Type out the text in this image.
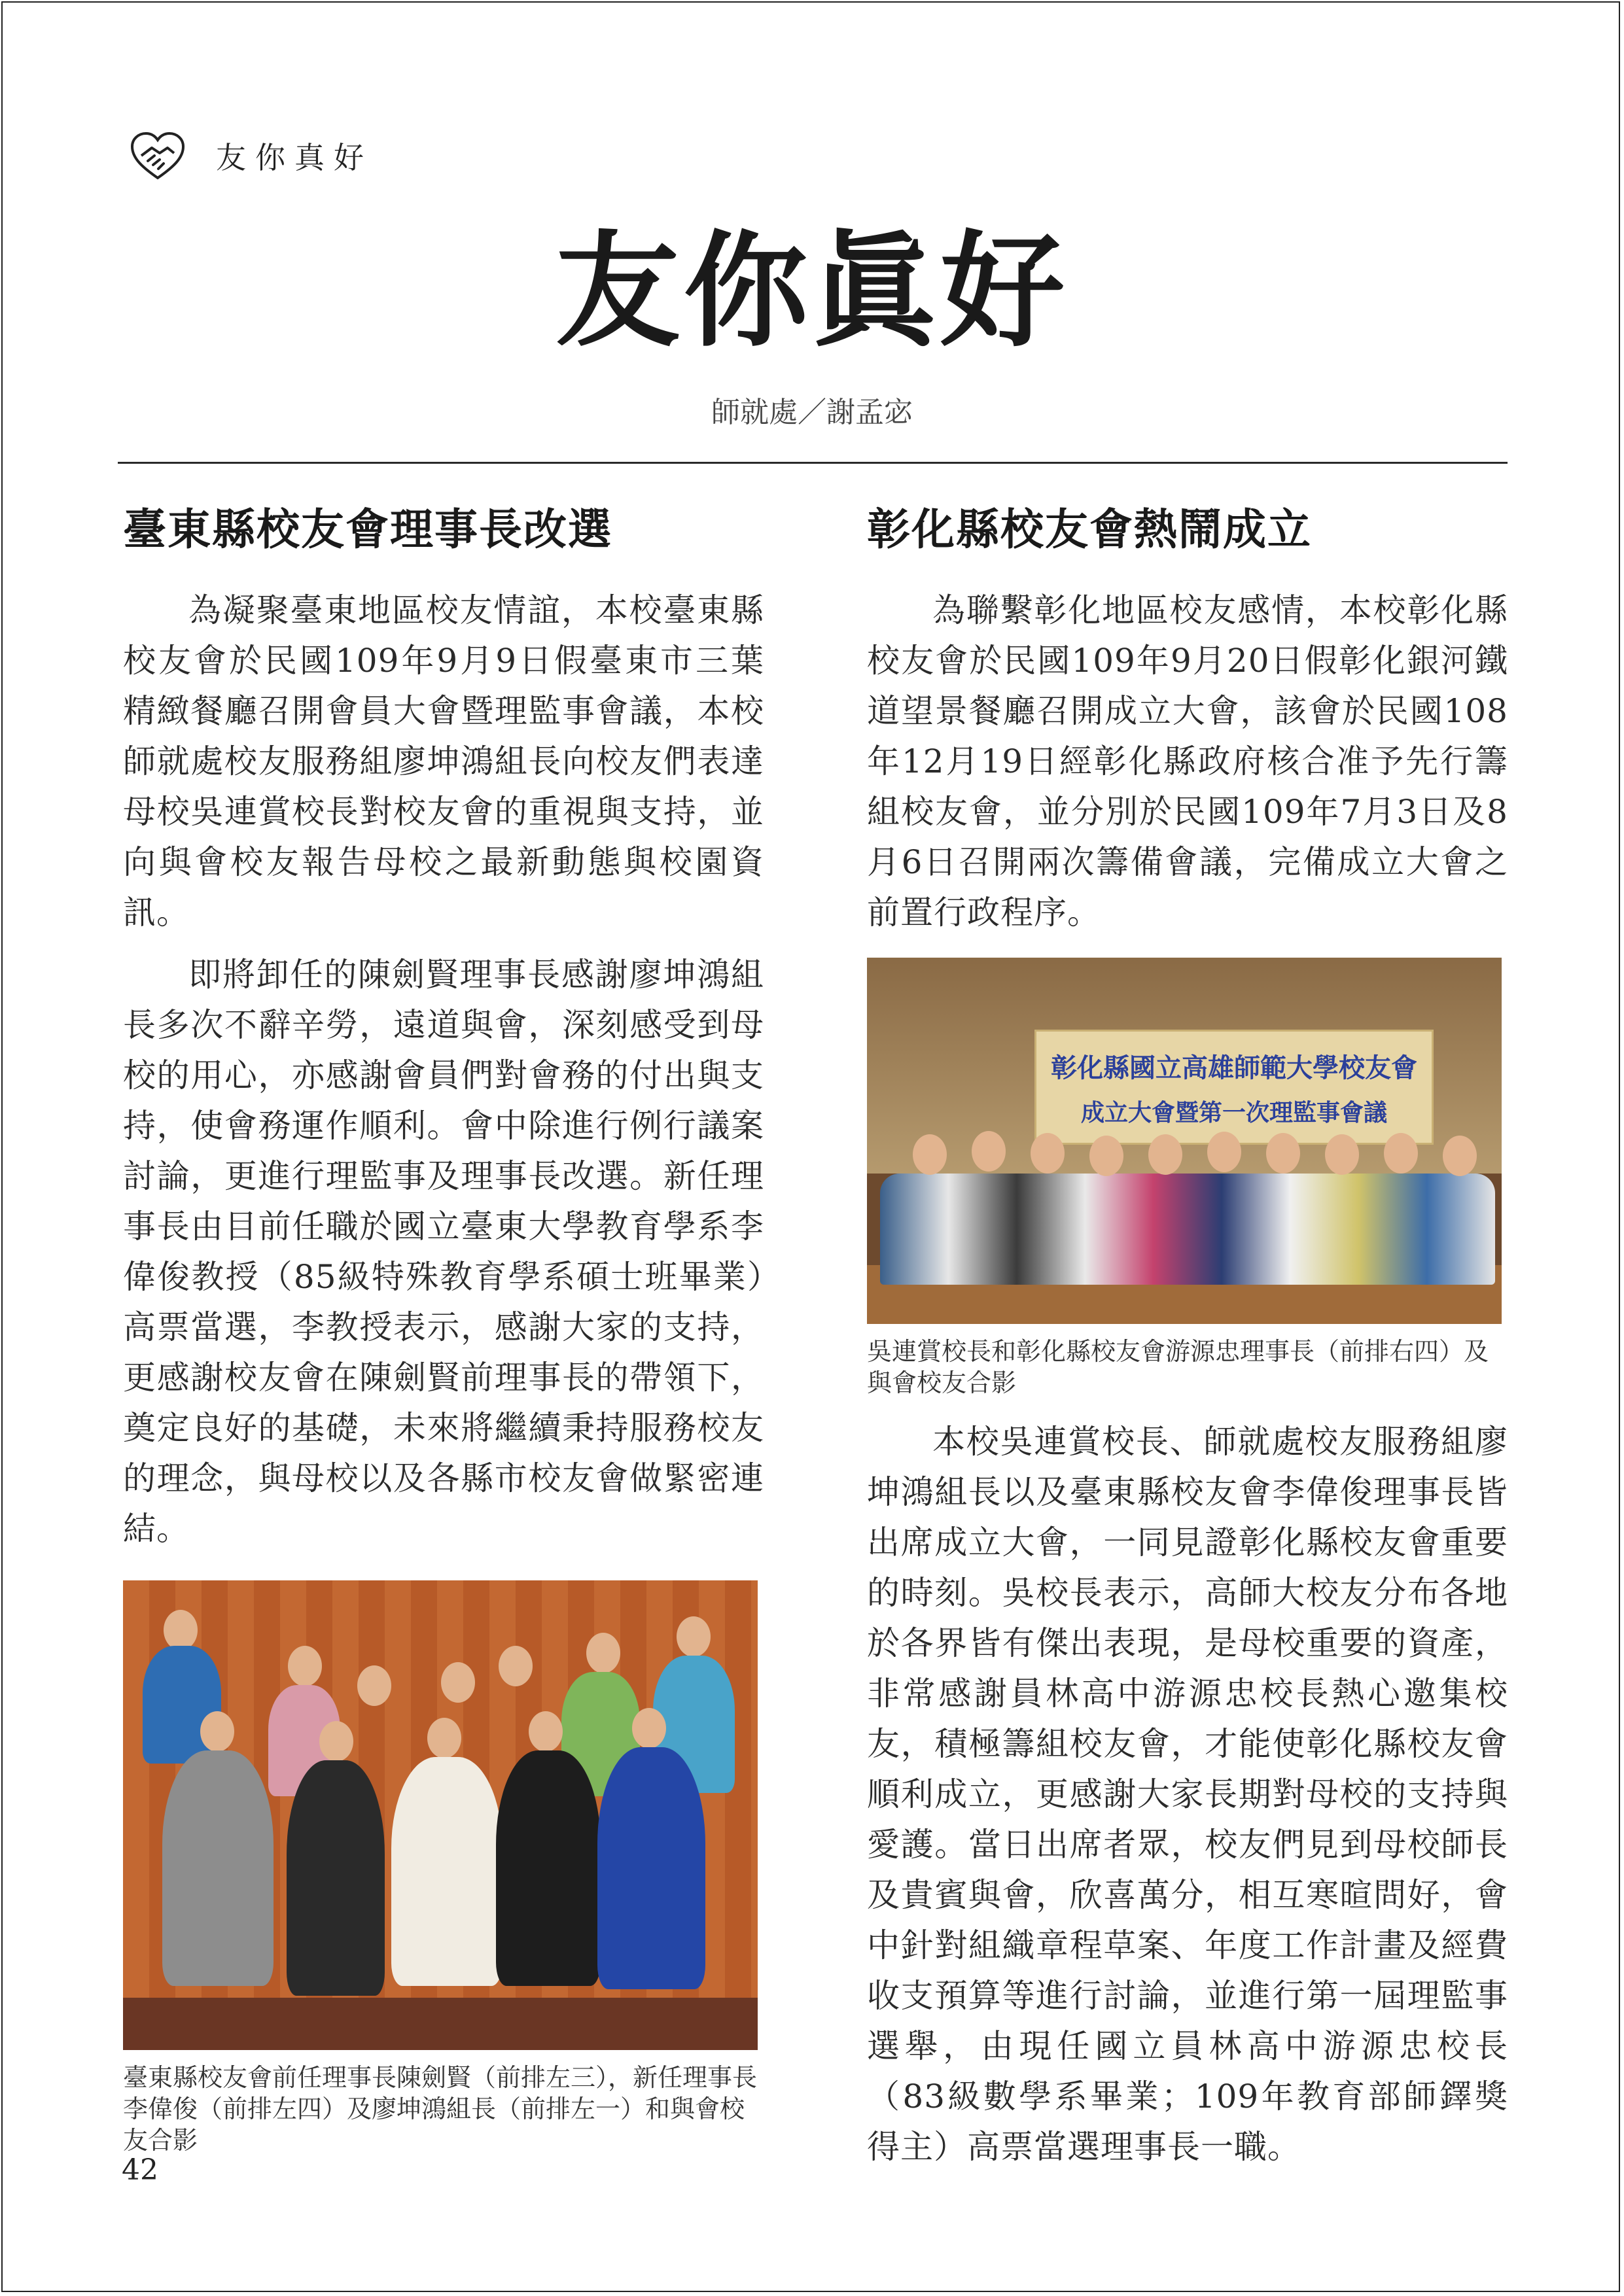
友你真好
友你眞好
師就處／謝孟宓
臺東縣校友會理事長改選

為凝聚臺東地區校友情誼，本校臺東縣校友會於民國109年9月9日假臺東市三葉精緻餐廳召開會員大會暨理監事會議，本校師就處校友服務組廖坤鴻組長向校友們表達母校吳連賞校長對校友會的重視與支持，並向與會校友報告母校之最新動態與校園資訊。

即將卸任的陳劍賢理事長感謝廖坤鴻組長多次不辭辛勞，遠道與會，深刻感受到母校的用心，亦感謝會員們對會務的付出與支持，使會務運作順利。會中除進行例行議案討論，更進行理監事及理事長改選。新任理事長由目前任職於國立臺東大學教育學系李偉俊教授（85級特殊教育學系碩士班畢業）高票當選，李教授表示，感謝大家的支持，更感謝校友會在陳劍賢前理事長的帶領下，奠定良好的基礎，未來將繼續秉持服務校友的理念，與母校以及各縣市校友會做緊密連結。

臺東縣校友會前任理事長陳劍賢（前排左三），新任理事長李偉俊（前排左四）及廖坤鴻組長（前排左一）和與會校友合影
彰化縣校友會熱鬧成立

為聯繫彰化地區校友感情，本校彰化縣校友會於民國109年9月20日假彰化銀河鐵道望景餐廳召開成立大會，該會於民國108年12月19日經彰化縣政府核合准予先行籌組校友會，並分別於民國109年7月3日及8月6日召開兩次籌備會議，完備成立大會之前置行政程序。

彰化縣國立高雄師範大學校友會
成立大會暨第一次理監事會議
吳連賞校長和彰化縣校友會游源忠理事長（前排右四）及與會校友合影

本校吳連賞校長、師就處校友服務組廖坤鴻組長以及臺東縣校友會李偉俊理事長皆出席成立大會，一同見證彰化縣校友會重要的時刻。吳校長表示，高師大校友分布各地於各界皆有傑出表現，是母校重要的資產，非常感謝員林高中游源忠校長熱心邀集校友，積極籌組校友會，才能使彰化縣校友會順利成立，更感謝大家長期對母校的支持與愛護。當日出席者眾，校友們見到母校師長及貴賓與會，欣喜萬分，相互寒暄問好，會中針對組織章程草案、年度工作計畫及經費收支預算等進行討論，並進行第一屆理監事選舉，由現任國立員林高中游源忠校長（83級數學系畢業；109年教育部師鐸獎得主）高票當選理事長一職。

42
